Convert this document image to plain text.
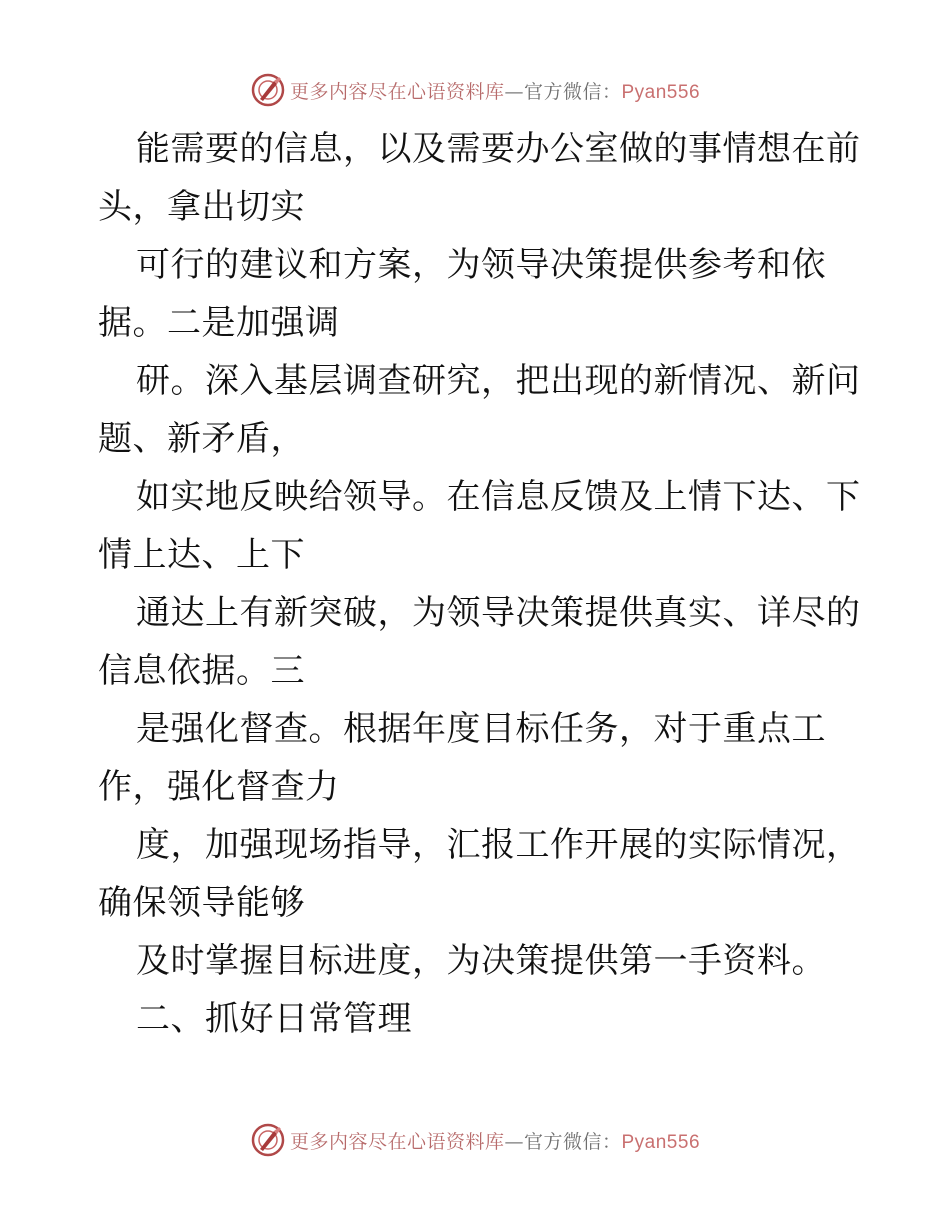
更多内容尽在心语资料库—官方微信：Pyan556
能需要的信息，以及需要办公室做的事情想在前
头，拿出切实
可行的建议和方案，为领导决策提供参考和依
据。二是加强调
研。深入基层调查研究，把出现的新情况、新问
题、新矛盾，
如实地反映给领导。在信息反馈及上情下达、下
情上达、上下
通达上有新突破，为领导决策提供真实、详尽的
信息依据。三
是强化督查。根据年度目标任务，对于重点工
作，强化督查力
度，加强现场指导，汇报工作开展的实际情况，
确保领导能够
及时掌握目标进度，为决策提供第一手资料。
二、抓好日常管理
更多内容尽在心语资料库—官方微信：Pyan556
